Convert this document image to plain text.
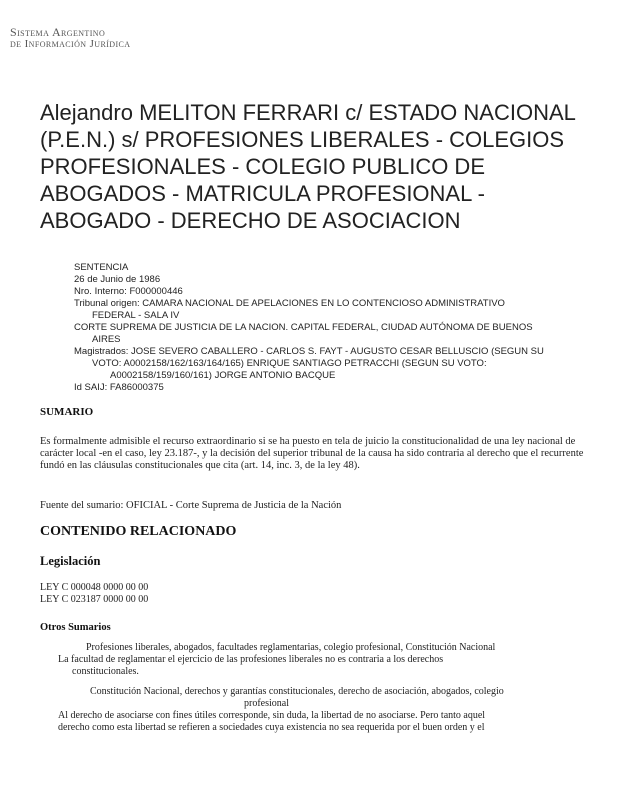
Sistema Argentino
de Información Jurídica
Alejandro MELITON FERRARI c/ ESTADO NACIONAL (P.E.N.) s/ PROFESIONES LIBERALES - COLEGIOS PROFESIONALES - COLEGIO PUBLICO DE ABOGADOS - MATRICULA PROFESIONAL - ABOGADO - DERECHO DE ASOCIACION
SENTENCIA
26 de Junio de 1986
Nro. Interno: F000000446
Tribunal origen: CAMARA NACIONAL DE APELACIONES EN LO CONTENCIOSO ADMINISTRATIVO
FEDERAL - SALA IV
CORTE SUPREMA DE JUSTICIA DE LA NACION. CAPITAL FEDERAL, CIUDAD AUTÓNOMA DE BUENOS
AIRES
Magistrados: JOSE SEVERO CABALLERO - CARLOS S. FAYT - AUGUSTO CESAR BELLUSCIO (SEGUN SU
VOTO: A0002158/162/163/164/165) ENRIQUE SANTIAGO PETRACCHI (SEGUN SU VOTO:
A0002158/159/160/161) JORGE ANTONIO BACQUE
Id SAIJ: FA86000375
SUMARIO
Es formalmente admisible el recurso extraordinario si se ha puesto en tela de juicio la constitucionalidad de una ley nacional de carácter local -en el caso, ley 23.187-, y la decisión del superior tribunal de la causa ha sido contraria al derecho que el recurrente fundó en las cláusulas constitucionales que cita (art. 14, inc. 3, de la ley 48).
Fuente del sumario: OFICIAL - Corte Suprema de Justicia de la Nación
CONTENIDO RELACIONADO
Legislación
LEY C 000048 0000 00 00
LEY C 023187 0000 00 00
Otros Sumarios
Profesiones liberales, abogados, facultades reglamentarias, colegio profesional, Constitución Nacional
La facultad de reglamentar el ejercicio de las profesiones liberales no es contraria a los derechos
constitucionales.
Constitución Nacional, derechos y garantías constitucionales, derecho de asociación, abogados, colegio
profesional
Al derecho de asociarse con fines útiles corresponde, sin duda, la libertad de no asociarse. Pero tanto aquel
derecho como esta libertad se refieren a sociedades cuya existencia no sea requerida por el buen orden y el
